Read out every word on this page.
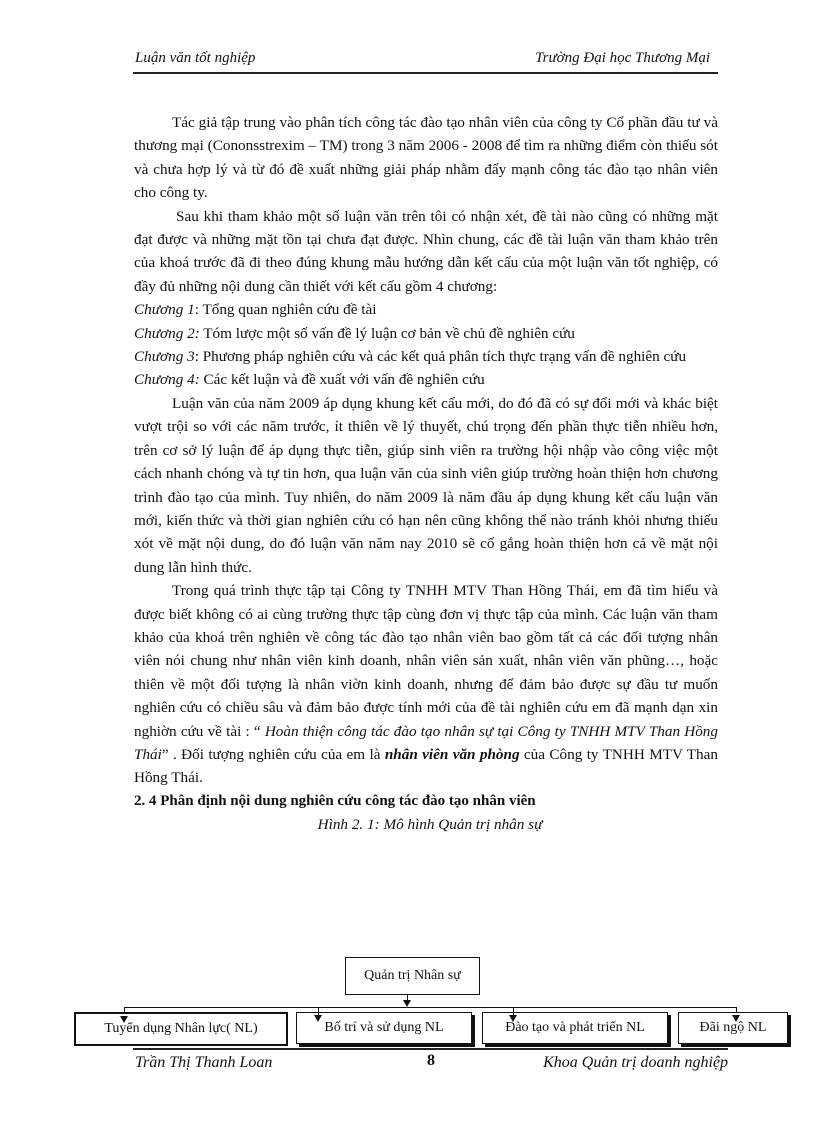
Luận văn tốt nghiệp	Trường Đại học Thương Mại

Tác giả tập trung vào phân tích công tác đào tạo nhân viên của công ty Cổ phần đầu tư và thương mại (Cononsstrexim – TM) trong 3 năm 2006 - 2008 để tìm ra những điểm còn thiếu sót và chưa hợp lý và từ đó đề xuất những giải pháp nhằm đẩy mạnh công tác đào tạo nhân viên cho công ty.

Sau khi tham khảo một số luận văn trên tôi có nhận xét, đề tài nào cũng có những mặt đạt được và những mặt tồn tại chưa đạt được. Nhìn chung, các đề tài luận văn tham khảo trên của khoá trước đã đi theo đúng khung mẫu hướng dẫn kết cấu của một luận văn tốt nghiệp, có đầy đủ những nội dung cần thiết với kết cấu gồm 4 chương:

Chương 1: Tổng quan nghiên cứu đề tài

Chương 2: Tóm lược một số vấn đề lý luận cơ bản về chủ đề nghiên cứu

Chương 3: Phương pháp nghiên cứu và các kết quả phân tích thực trạng vấn đề nghiên cứu

Chương 4: Các kết luận và đề xuất với vấn đề nghiên cứu

Luận văn của năm 2009 áp dụng khung kết cấu mới, do đó đã có sự đổi mới và khác biệt vượt trội so với các năm trước, ít thiên về lý thuyết, chú trọng đến phần thực tiễn nhiều hơn, trên cơ sở lý luận để áp dụng thực tiễn, giúp sinh viên ra trường hội nhập vào công việc một cách nhanh chóng và tự tin hơn, qua luận văn của sinh viên giúp trường hoàn thiện hơn chương trình đào tạo của mình. Tuy nhiên, do năm 2009 là năm đầu áp dụng khung kết cấu luận văn mới, kiến thức và thời gian nghiên cứu có hạn nên cũng không thể nào tránh khỏi nhưng thiếu xót về mặt nội dung, do đó luận văn năm nay 2010 sẽ cố gắng hoàn thiện hơn cả về mặt nội dung lẫn hình thức.

Trong quá trình thực tập tại Công ty TNHH MTV Than Hồng Thái, em đã tìm hiểu và được biết không có ai cùng trường thực tập cùng đơn vị thực tập của mình. Các luận văn tham khảo của khoá trên nghiên về công tác đào tạo nhân viên bao gồm tất cả các đối tượng nhân viên nói chung như nhân viên kinh doanh, nhân viên sản xuất, nhân viên văn phũng…, hoặc thiên về một đối tượng là nhân viờn kinh doanh, nhưng để đảm bảo được sự đầu tư muốn nghiên cứu có chiều sâu và đảm bảo được tính mới của đề tài nghiên cứu em đã mạnh dạn xin nghiờn cứu về tài : “ Hoàn thiện công tác đào tạo nhân sự tại Công ty TNHH MTV Than Hồng Thái” . Đối tượng nghiên cứu của em là nhân viên văn phòng của Công ty TNHH MTV Than Hồng Thái.

2. 4 Phân định nội dung nghiên cứu công tác đào tạo nhân viên

Hình 2. 1: Mô hình Quản trị nhân sự

Quản trị Nhân sự
Tuyển dụng Nhân lực( NL)	Bố trí và sử dụng NL	Đào tạo và phát triển NL	Đãi ngộ NL
Trần Thị Thanh Loan	8	Khoa Quản trị doanh nghiệp
